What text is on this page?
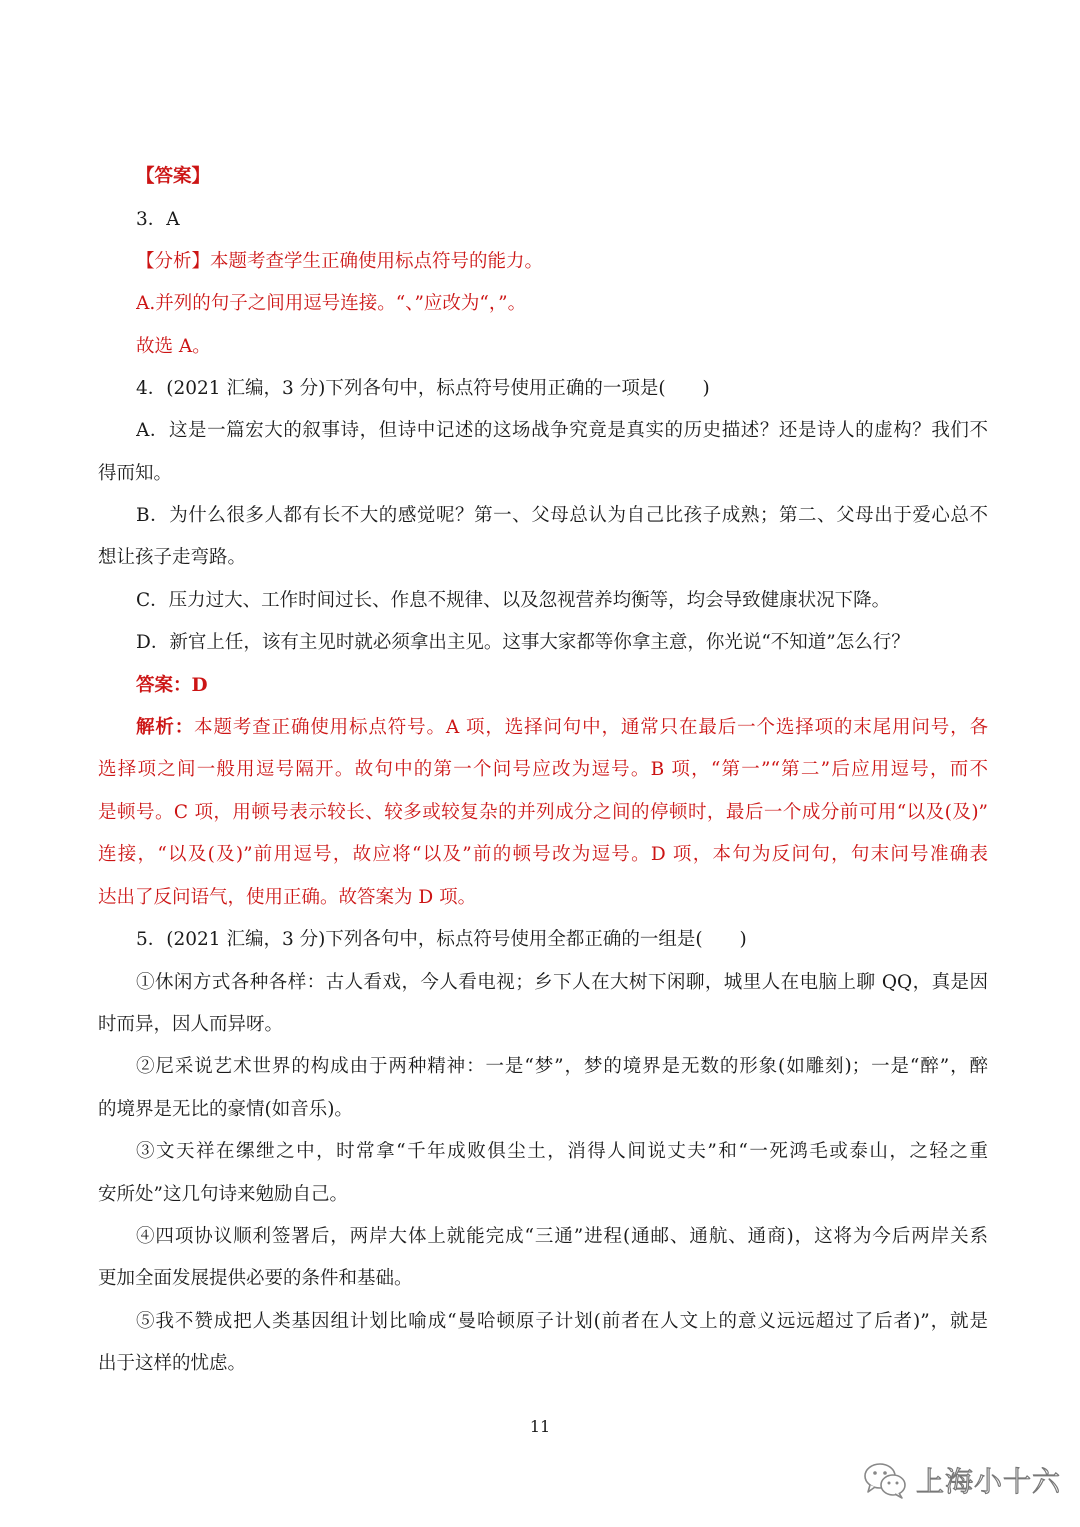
【答案】
3．A
【分析】本题考查学生正确使用标点符号的能力。
A.并列的句子之间用逗号连接。“、”应改为“，”。
故选 A。
4．(2021 汇编，3 分)下列各句中，标点符号使用正确的一项是(　　)
A．这是一篇宏大的叙事诗，但诗中记述的这场战争究竟是真实的历史描述？还是诗人的虚构？我们不
得而知。
B．为什么很多人都有长不大的感觉呢？第一、父母总认为自己比孩子成熟；第二、父母出于爱心总不
想让孩子走弯路。
C．压力过大、工作时间过长、作息不规律、以及忽视营养均衡等，均会导致健康状况下降。
D．新官上任，该有主见时就必须拿出主见。这事大家都等你拿主意，你光说“不知道”怎么行？
答案：D
解析：本题考查正确使用标点符号。A 项，选择问句中，通常只在最后一个选择项的末尾用问号，各
选择项之间一般用逗号隔开。故句中的第一个问号应改为逗号。B 项，“第一”“第二”后应用逗号，而不
是顿号。C 项，用顿号表示较长、较多或较复杂的并列成分之间的停顿时，最后一个成分前可用“以及(及)”
连接，“以及(及)”前用逗号，故应将“以及”前的顿号改为逗号。D 项，本句为反问句，句末问号准确表
达出了反问语气，使用正确。故答案为 D 项。
5．(2021 汇编，3 分)下列各句中，标点符号使用全都正确的一组是(　　)
①休闲方式各种各样：古人看戏，今人看电视；乡下人在大树下闲聊，城里人在电脑上聊 QQ，真是因
时而异，因人而异呀。
②尼采说艺术世界的构成由于两种精神：一是“梦”，梦的境界是无数的形象(如雕刻)；一是“醉”，醉
的境界是无比的豪情(如音乐)。
③文天祥在缧绁之中，时常拿“千年成败俱尘土，消得人间说丈夫”和“一死鸿毛或泰山，之轻之重
安所处”这几句诗来勉励自己。
④四项协议顺利签署后，两岸大体上就能完成“三通”进程(通邮、通航、通商)，这将为今后两岸关系
更加全面发展提供必要的条件和基础。
⑤我不赞成把人类基因组计划比喻成“曼哈顿原子计划(前者在人文上的意义远远超过了后者)”，就是
出于这样的忧虑。
11
上海小十六
